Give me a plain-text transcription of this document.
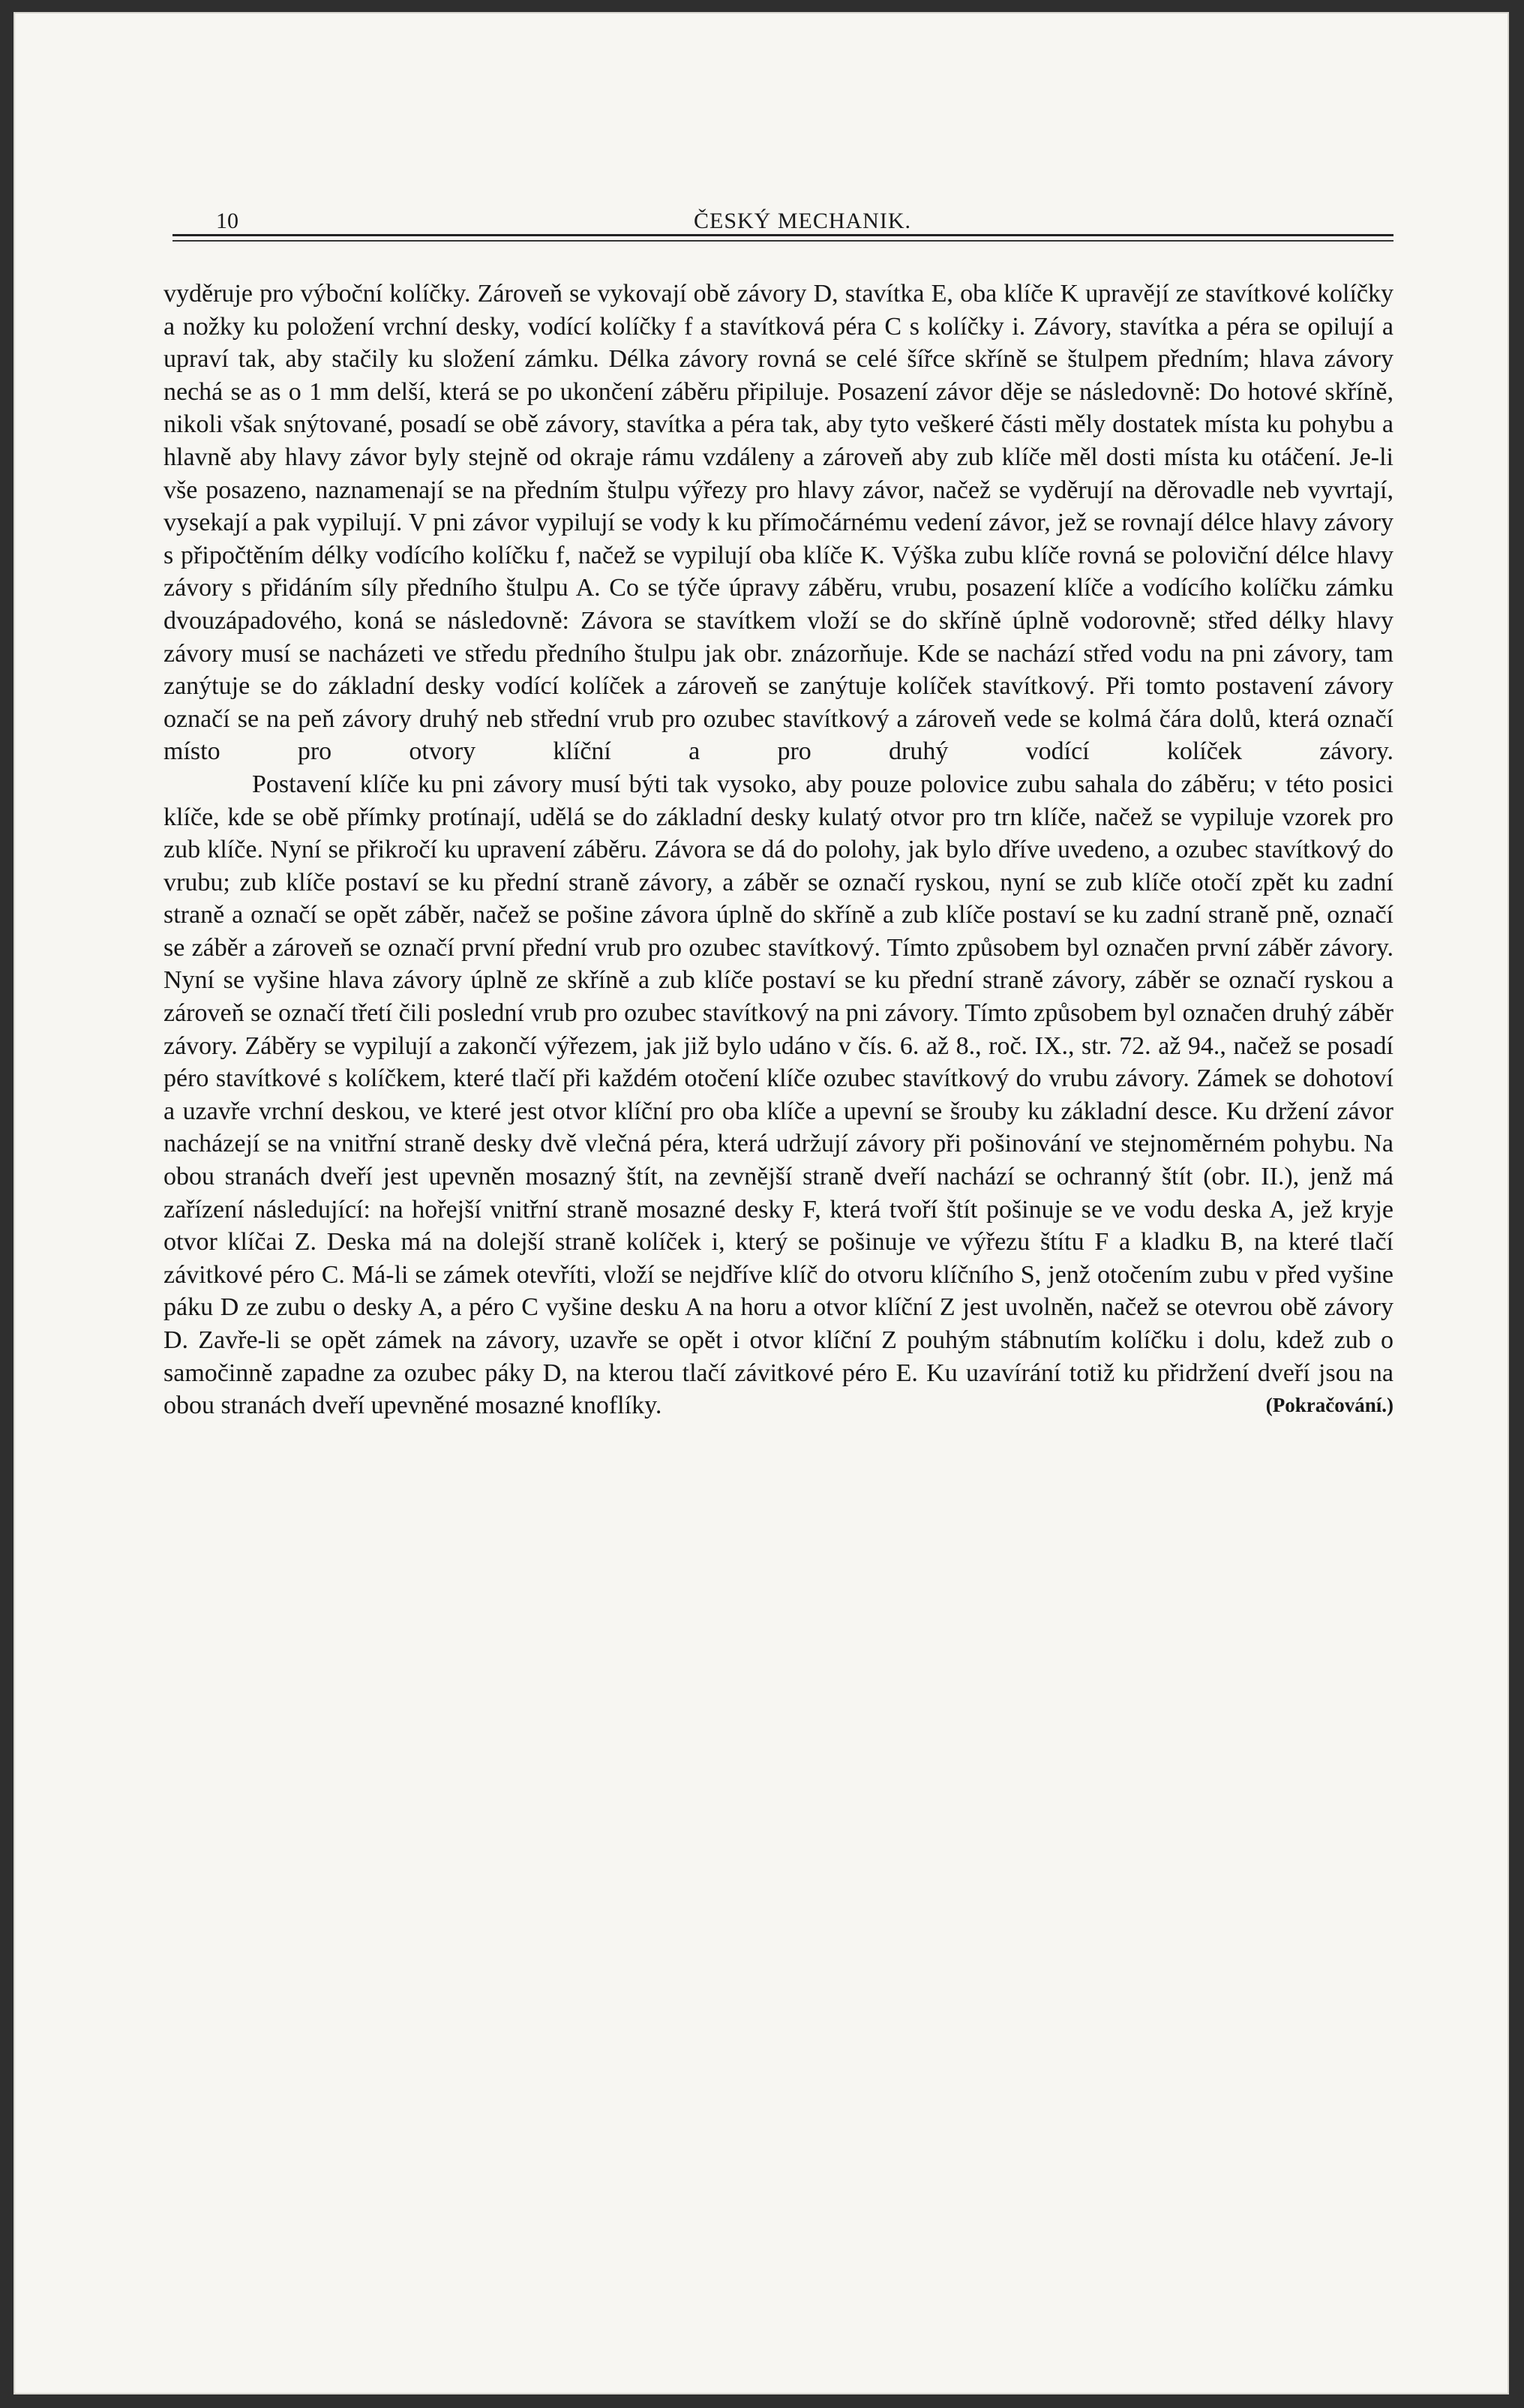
10	ČESKÝ MECHANIK.

vyděruje pro výboční kolíčky. Zároveň se vykovají obě závory D, stavítka E, oba klíče K upravějí ze stavítkové kolíčky a nožky ku položení vrchní desky, vodící kolíčky f a stavítková péra C s kolíčky i. Závory, stavítka a péra se opilují a upraví tak, aby stačily ku složení zámku. Délka závory rovná se celé šířce skříně se štulpem předním; hlava závory nechá se as o 1 mm delší, která se po ukončení záběru připiluje. Posazení závor děje se následovně: Do hotové skříně, nikoli však snýtované, posadí se obě závory, stavítka a péra tak, aby tyto veškeré části měly dostatek místa ku pohybu a hlavně aby hlavy závor byly stejně od okraje rámu vzdáleny a zároveň aby zub klíče měl dosti místa ku otáčení. Je-li vše posazeno, naznamenají se na předním štulpu výřezy pro hlavy závor, načež se vyděrují na děrovadle neb vyvrtají, vysekají a pak vypilují. V pni závor vypilují se vody k ku přímočárnému vedení závor, jež se rovnají délce hlavy závory s připočtěním délky vodícího kolíčku f, načež se vypilují oba klíče K. Výška zubu klíče rovná se poloviční délce hlavy závory s přidáním síly předního štulpu A. Co se týče úpravy záběru, vrubu, posazení klíče a vodícího kolíčku zámku dvouzápadového, koná se následovně: Závora se stavítkem vloží se do skříně úplně vodorovně; střed délky hlavy závory musí se nacházeti ve středu předního štulpu jak obr. znázorňuje. Kde se nachází střed vodu na pni závory, tam zanýtuje se do základní desky vodící kolíček a zároveň se zanýtuje kolíček stavítkový. Při tomto postavení závory označí se na peň závory druhý neb střední vrub pro ozubec stavítkový a zároveň vede se kolmá čára dolů, která označí místo pro otvory klíční a pro druhý vodící kolíček závory.

Postavení klíče ku pni závory musí býti tak vysoko, aby pouze polovice zubu sahala do záběru; v této posici klíče, kde se obě přímky protínají, udělá se do základní desky kulatý otvor pro trn klíče, načež se vypiluje vzorek pro zub klíče. Nyní se přikročí ku upravení záběru. Závora se dá do polohy, jak bylo dříve uvedeno, a ozubec stavítkový do vrubu; zub klíče postaví se ku přední straně závory, a záběr se označí ryskou, nyní se zub klíče otočí zpět ku zadní straně a označí se opět záběr, načež se pošine závora úplně do skříně a zub klíče postaví se ku zadní straně pně, označí se záběr a zároveň se označí první přední vrub pro ozubec stavítkový. Tímto způsobem byl označen první záběr závory. Nyní se vyšine hlava závory úplně ze skříně a zub klíče postaví se ku přední straně závory, záběr se označí ryskou a zároveň se označí třetí čili poslední vrub pro ozubec stavítkový na pni závory. Tímto způsobem byl označen druhý záběr závory. Záběry se vypilují a zakončí výřezem, jak již bylo udáno v čís. 6. až 8., roč. IX., str. 72. až 94., načež se posadí péro stavítkové s kolíčkem, které tlačí při každém otočení klíče ozubec stavítkový do vrubu závory. Zámek se dohotoví a uzavře vrchní deskou, ve které jest otvor klíční pro oba klíče a upevní se šrouby ku základní desce. Ku držení závor nacházejí se na vnitřní straně desky dvě vlečná péra, která udržují závory při pošinování ve stejnoměrném pohybu. Na obou stranách dveří jest upevněn mosazný štít, na zevnější straně dveří nachází se ochranný štít (obr. II.), jenž má zařízení následující: na hořejší vnitřní straně mosazné desky F, která tvoří štít pošinuje se ve vodu deska A, jež kryje otvor klíčai Z. Deska má na dolejší straně kolíček i, který se pošinuje ve výřezu štítu F a kladku B, na které tlačí závitkové péro C. Má-li se zámek otevříti, vloží se nejdříve klíč do otvoru klíčního S, jenž otočením zubu v před vyšine páku D ze zubu o desky A, a péro C vyšine desku A na horu a otvor klíční Z jest uvolněn, načež se otevrou obě závory D. Zavře-li se opět zámek na závory, uzavře se opět i otvor klíční Z pouhým stábnutím kolíčku i dolu, kdež zub o samočinně zapadne za ozubec páky D, na kterou tlačí závitkové péro E. Ku uzavírání totiž ku přidržení dveří jsou na obou stranách dveří upevněné mosazné knoflíky.	(Pokračování.)
